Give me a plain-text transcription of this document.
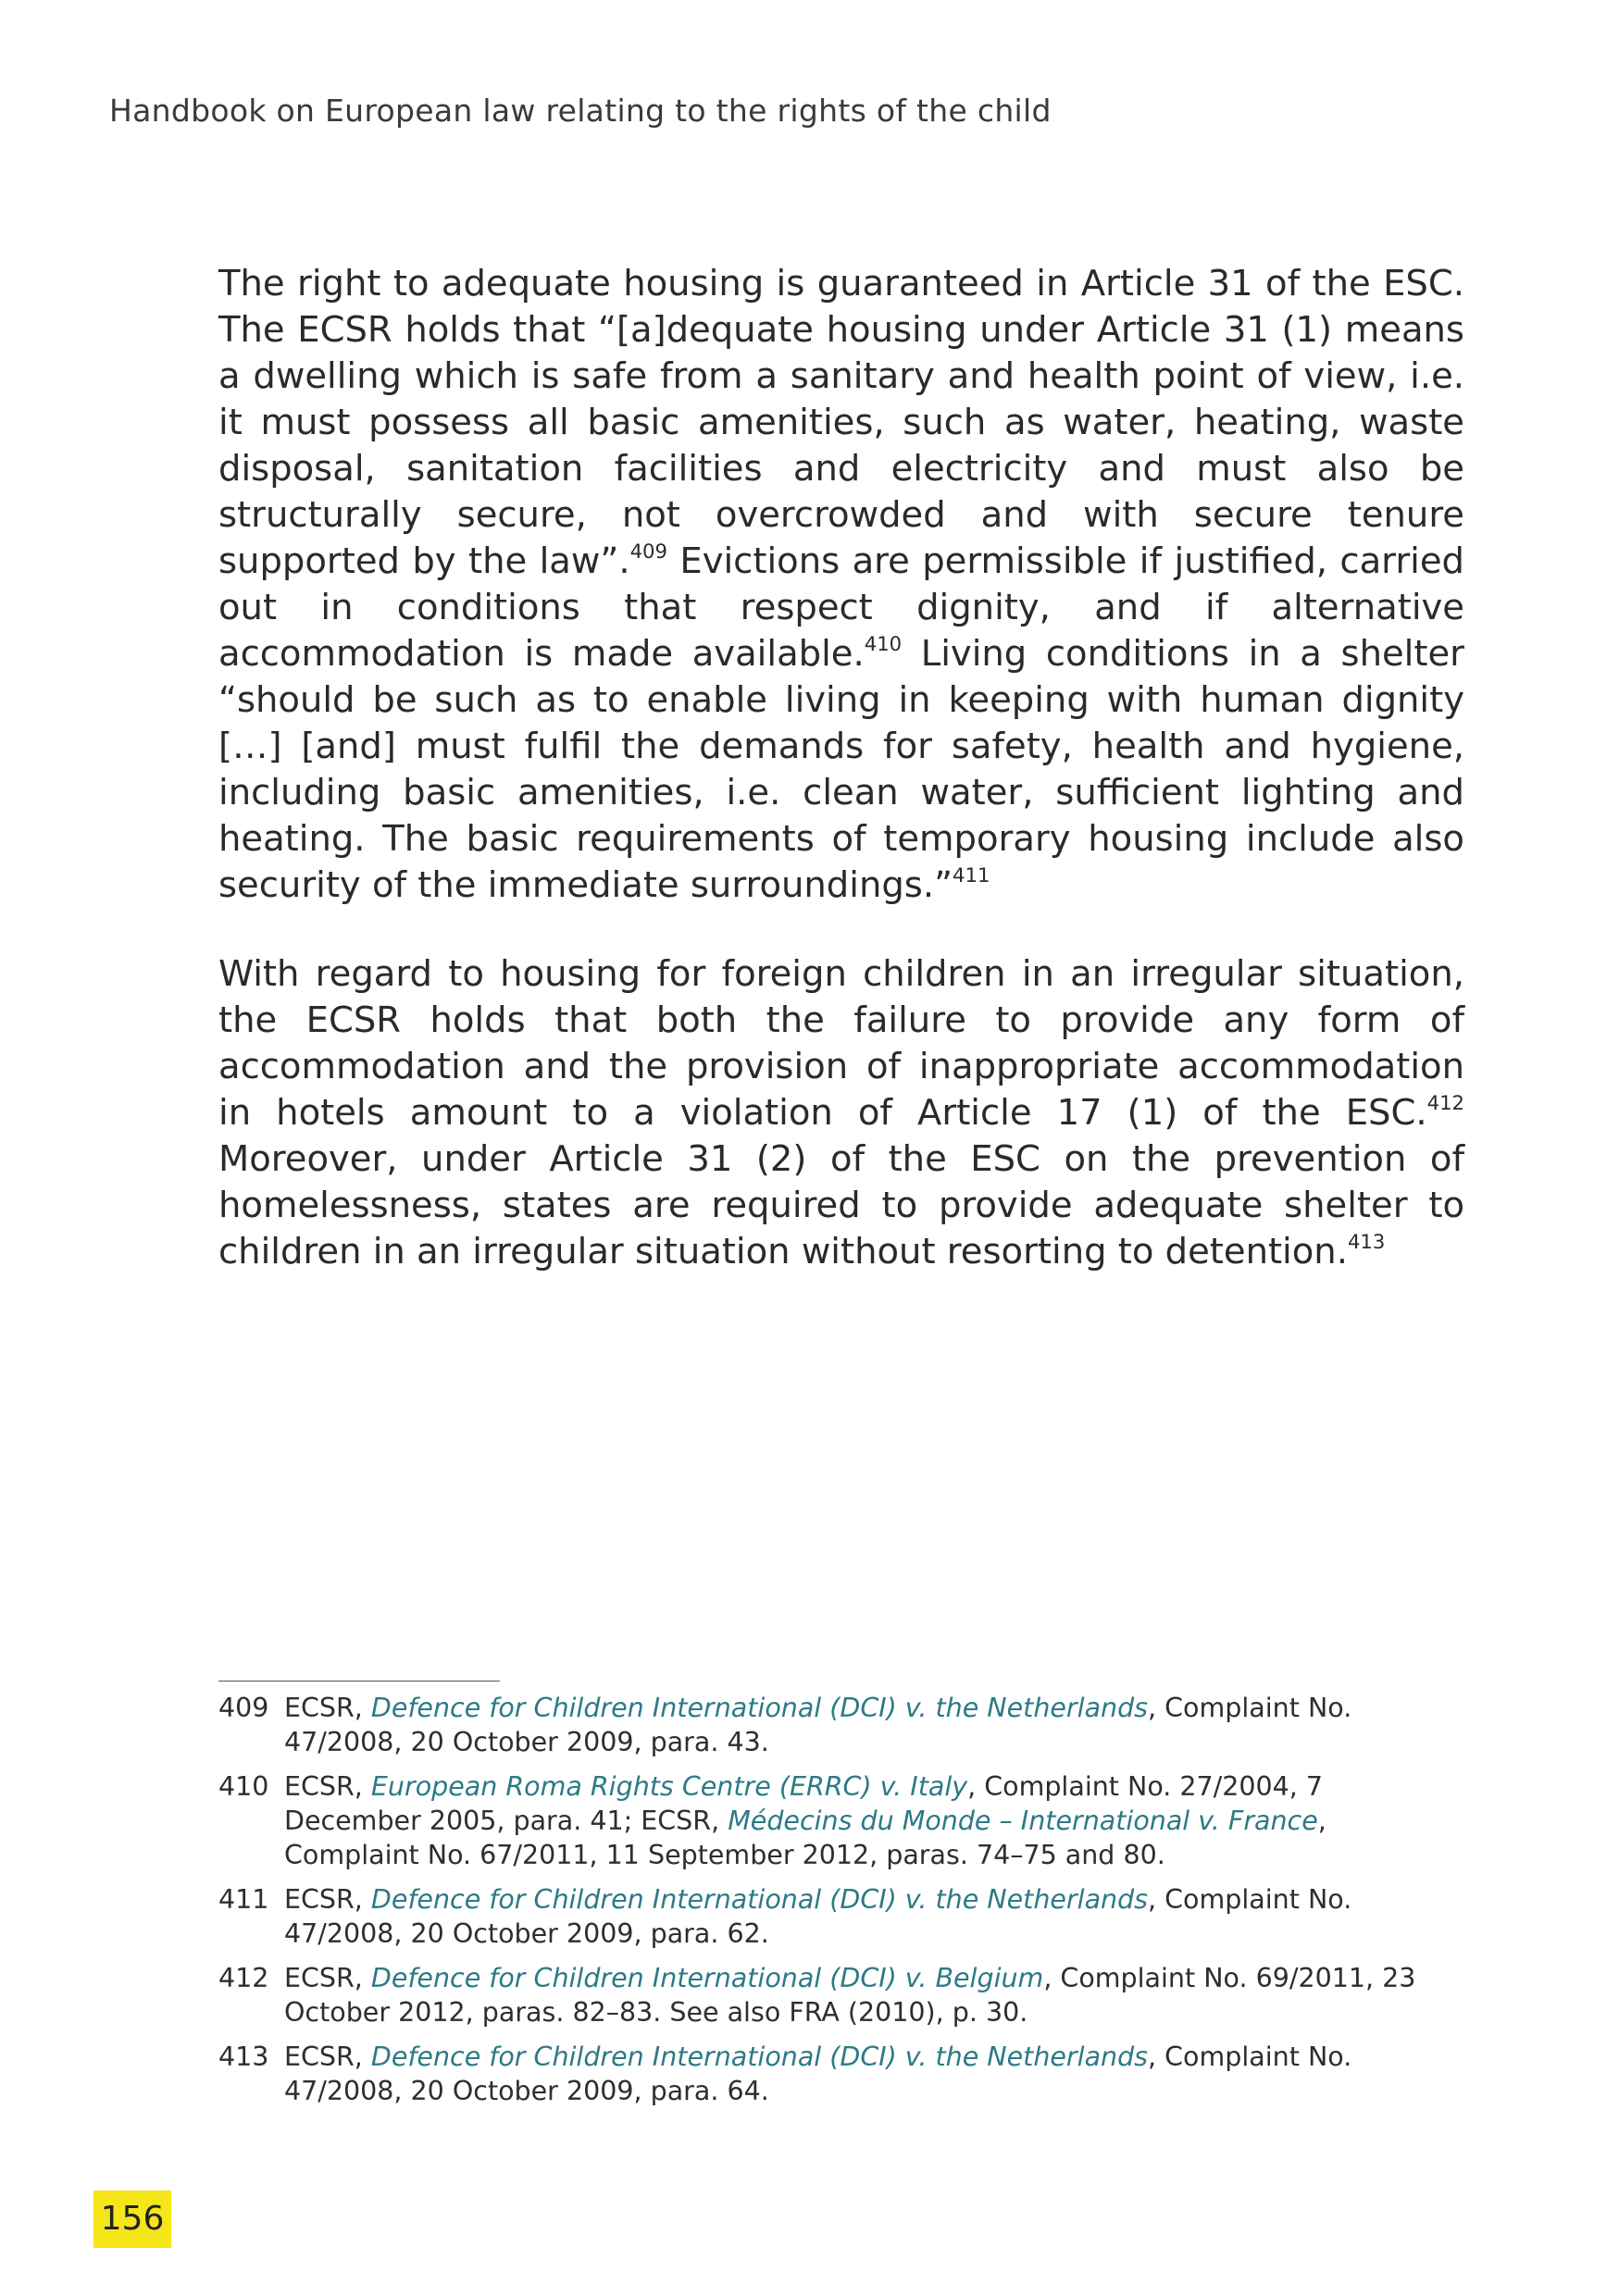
Handbook on European law relating to the rights of the child

The right to adequate housing is guaranteed in Article 31 of the ESC. The ECSR holds that “[a]dequate housing under Article 31 (1) means a dwelling which is safe from a sanitary and health point of view, i.e. it must possess all basic amenities, such as water, heating, waste disposal, sanitation facilities and electricity and must also be structurally secure, not overcrowded and with secure tenure supported by the law”.$^{409}$ Evictions are permissible if justified, carried out in conditions that respect dignity, and if alternative accommodation is made available.$^{410}$ Living conditions in a shelter “should be such as to enable living in keeping with human dignity […] [and] must fulfil the demands for safety, health and hygiene, including basic amenities, i.e. clean water, sufficient lighting and heating. The basic requirements of temporary housing include also security of the immediate surroundings.”$^{411}$

With regard to housing for foreign children in an irregular situation, the ECSR holds that both the failure to provide any form of accommodation and the provision of inappropriate accommodation in hotels amount to a violation of Article 17 (1) of the ESC.$^{412}$ Moreover, under Article 31 (2) of the ESC on the prevention of homelessness, states are required to provide adequate shelter to children in an irregular situation without resorting to detention.$^{413}$

409 ECSR, Defence for Children International (DCI) v. the Netherlands, Complaint No. 47/2008, 20 October 2009, para. 43.
410 ECSR, European Roma Rights Centre (ERRC) v. Italy, Complaint No. 27/2004, 7 December 2005, para. 41; ECSR, Médecins du Monde – International v. France, Complaint No. 67/2011, 11 September 2012, paras. 74–75 and 80.
411 ECSR, Defence for Children International (DCI) v. the Netherlands, Complaint No. 47/2008, 20 October 2009, para. 62.
412 ECSR, Defence for Children International (DCI) v. Belgium, Complaint No. 69/2011, 23 October 2012, paras. 82–83. See also FRA (2010), p. 30.
413 ECSR, Defence for Children International (DCI) v. the Netherlands, Complaint No. 47/2008, 20 October 2009, para. 64.
156
